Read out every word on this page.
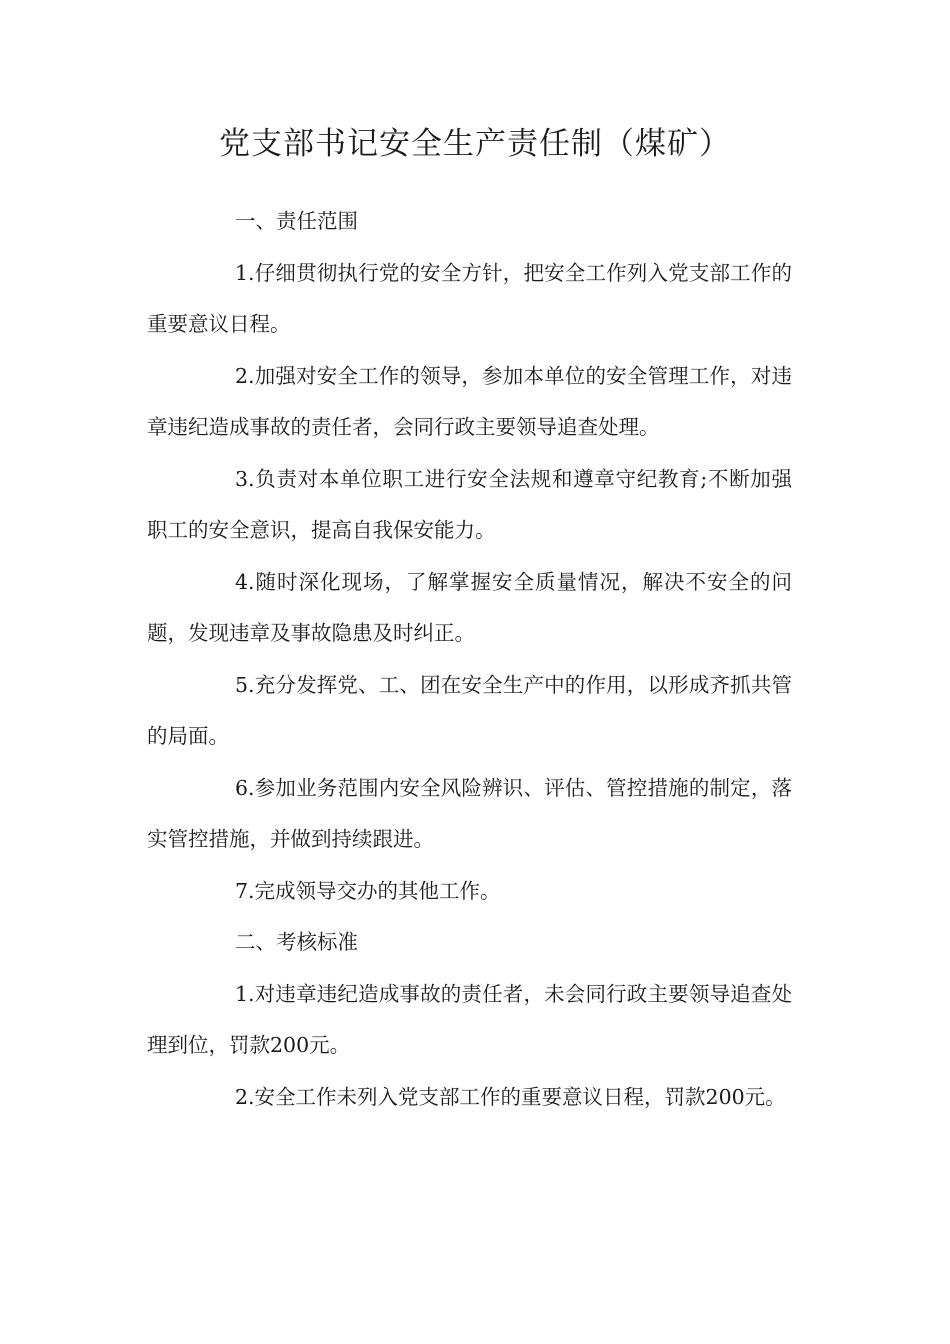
党支部书记安全生产责任制（煤矿）

一、责任范围

1.仔细贯彻执行党的安全方针，把安全工作列入党支部工作的重要意议日程。

2.加强对安全工作的领导，参加本单位的安全管理工作，对违章违纪造成事故的责任者，会同行政主要领导追查处理。

3.负责对本单位职工进行安全法规和遵章守纪教育;不断加强职工的安全意识，提高自我保安能力。

4.随时深化现场，了解掌握安全质量情况，解决不安全的问题，发现违章及事故隐患及时纠正。

5.充分发挥党、工、团在安全生产中的作用，以形成齐抓共管的局面。

6.参加业务范围内安全风险辨识、评估、管控措施的制定，落实管控措施，并做到持续跟进。

7.完成领导交办的其他工作。

二、考核标准

1.对违章违纪造成事故的责任者，未会同行政主要领导追查处理到位，罚款200元。

2.安全工作未列入党支部工作的重要意议日程，罚款200元。
